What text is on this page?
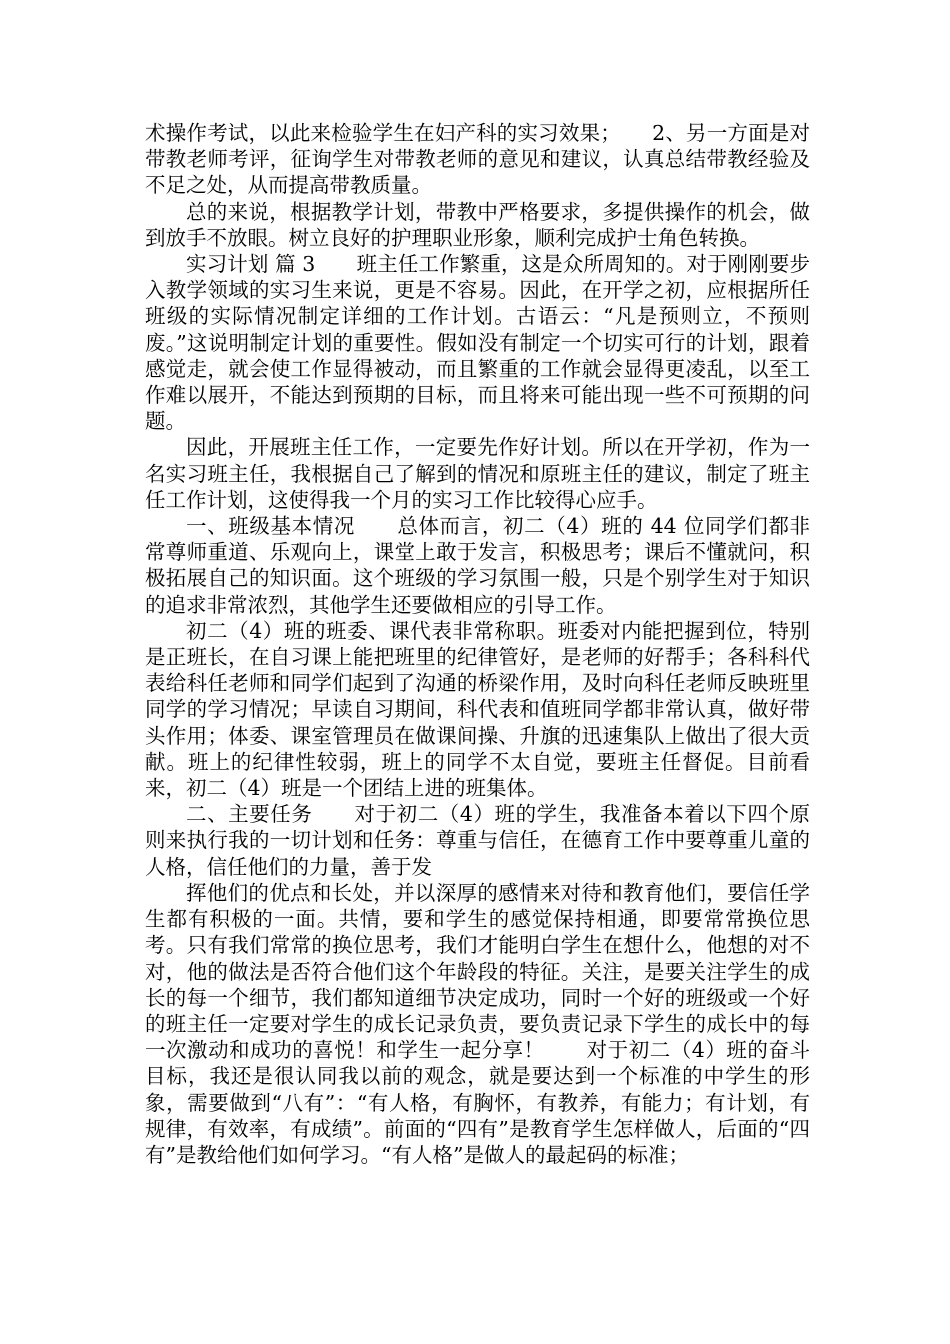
术操作考试，以此来检验学生在妇产科的实习效果；　　2、另一方面是对带教老师考评，征询学生对带教老师的意见和建议，认真总结带教经验及不足之处，从而提高带教质量。

总的来说，根据教学计划，带教中严格要求，多提供操作的机会，做到放手不放眼。树立良好的护理职业形象，顺利完成护士角色转换。

实习计划 篇 3　　班主任工作繁重，这是众所周知的。对于刚刚要步入教学领域的实习生来说，更是不容易。因此，在开学之初，应根据所任班级的实际情况制定详细的工作计划。古语云：“凡是预则立，不预则废。”这说明制定计划的重要性。假如没有制定一个切实可行的计划，跟着感觉走，就会使工作显得被动，而且繁重的工作就会显得更凌乱，以至工作难以展开，不能达到预期的目标，而且将来可能出现一些不可预期的问题。

因此，开展班主任工作，一定要先作好计划。所以在开学初，作为一名实习班主任，我根据自己了解到的情况和原班主任的建议，制定了班主任工作计划，这使得我一个月的实习工作比较得心应手。

一、班级基本情况　　总体而言，初二（4）班的 44 位同学们都非常尊师重道、乐观向上，课堂上敢于发言，积极思考；课后不懂就问，积极拓展自己的知识面。这个班级的学习氛围一般，只是个别学生对于知识的追求非常浓烈，其他学生还要做相应的引导工作。

初二（4）班的班委、课代表非常称职。班委对内能把握到位，特别是正班长，在自习课上能把班里的纪律管好，是老师的好帮手；各科科代表给科任老师和同学们起到了沟通的桥梁作用，及时向科任老师反映班里同学的学习情况；早读自习期间，科代表和值班同学都非常认真，做好带头作用；体委、课室管理员在做课间操、升旗的迅速集队上做出了很大贡献。班上的纪律性较弱，班上的同学不太自觉，要班主任督促。目前看来，初二（4）班是一个团结上进的班集体。

二、主要任务　　对于初二（4）班的学生，我准备本着以下四个原则来执行我的一切计划和任务：尊重与信任，在德育工作中要尊重儿童的人格，信任他们的力量，善于发

挥他们的优点和长处，并以深厚的感情来对待和教育他们，要信任学生都有积极的一面。共情，要和学生的感觉保持相通，即要常常换位思考。只有我们常常的换位思考，我们才能明白学生在想什么，他想的对不对，他的做法是否符合他们这个年龄段的特征。关注，是要关注学生的成长的每一个细节，我们都知道细节决定成功，同时一个好的班级或一个好的班主任一定要对学生的成长记录负责，要负责记录下学生的成长中的每一次激动和成功的喜悦！和学生一起分享！　　对于初二（4）班的奋斗目标，我还是很认同我以前的观念，就是要达到一个标准的中学生的形象，需要做到“八有”：“有人格，有胸怀，有教养，有能力；有计划，有规律，有效率，有成绩”。前面的“四有”是教育学生怎样做人，后面的“四有”是教给他们如何学习。“有人格”是做人的最起码的标准；
